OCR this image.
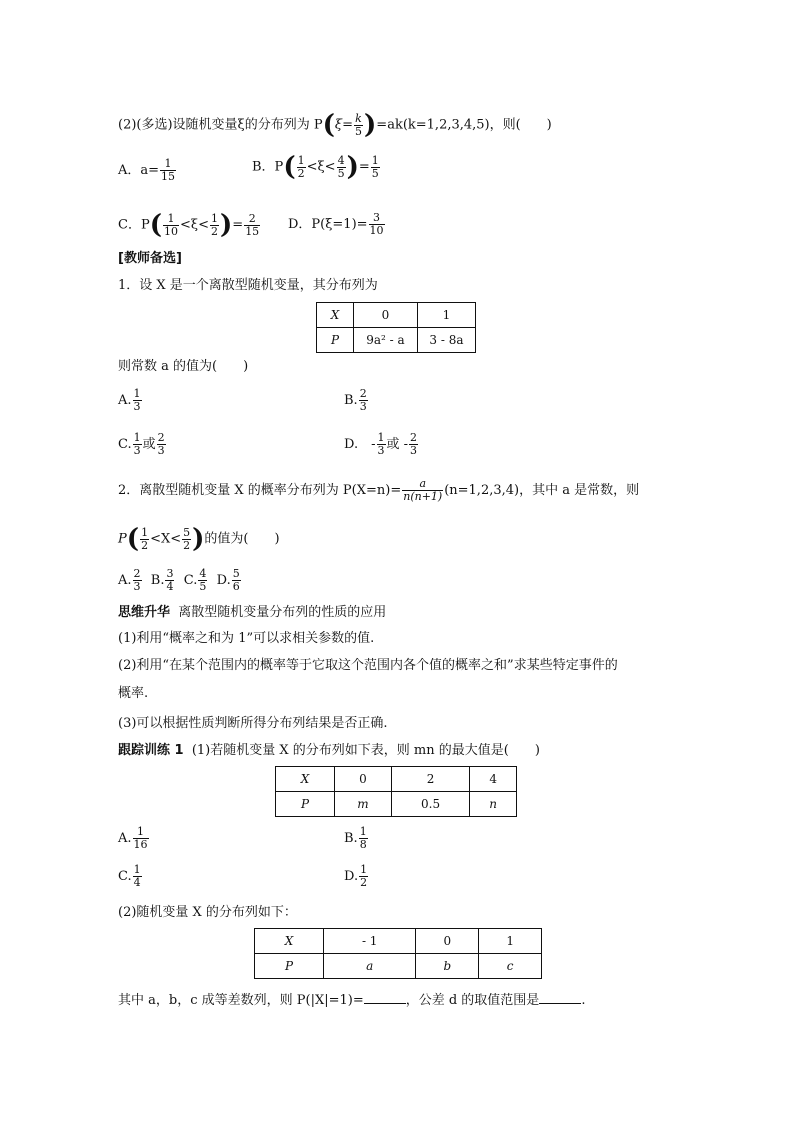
(2)(多选)设随机变量ξ的分布列为 $P(\xi= \frac{k}{5} )=ak(k=1,2,3,4,5)$，则(　　)
A．$a= \frac{1}{15}$	B．$P( \frac{1}{2} <\xi< \frac{4}{5}$ )= $\frac{1}{5}$
C．$P( \frac{1}{10} <\xi< \frac{1}{2}$ )= $\frac{2}{15}$ D．$P(\xi=1)= \frac{3}{10}$
[教师备选]
1．设 X 是一个离散型随机变量，其分布列为
X	0	1
P	9a² - a	3 - 8a
则常数 a 的值为(　　)
A. $\frac{1}{3}$	B. $\frac{2}{3}$
C. $\frac{1}{3}$ 或 $\frac{2}{3}$	D.　- $\frac{1}{3}$ 或 - $\frac{2}{3}$
2．离散型随机变量 X 的概率分布列为 $P(X=n)= \frac{a}{n(n+1)} (n=1,2,3,4)$，其中 a 是常数，则
$P( \frac{1}{2} <X< \frac{5}{2}$ )的值为(　　)
A. $\frac{2}{3} B$. $\frac{3}{4} C$. $\frac{4}{5} D$. $\frac{5}{6}$
思维升华 离散型随机变量分布列的性质的应用
(1)利用“概率之和为 1”可以求相关参数的值.
(2)利用“在某个范围内的概率等于它取这个范围内各个值的概率之和”求某些特定事件的
概率.
(3)可以根据性质判断所得分布列结果是否正确.
跟踪训练 1 (1)若随机变量 X 的分布列如下表，则 mn 的最大值是(　　)
X	0	2	4
P	m	0.5	n
A. $\frac{1}{16}$	B. $\frac{1}{8}$
C. $\frac{1}{4}$	D. $\frac{1}{2}$
(2)随机变量 X 的分布列如下：
X	- 1	0	1
P	a	b	c
其中 a，b，c 成等差数列，则 P(|X|=1)=	，公差 d 的取值范围是	.
